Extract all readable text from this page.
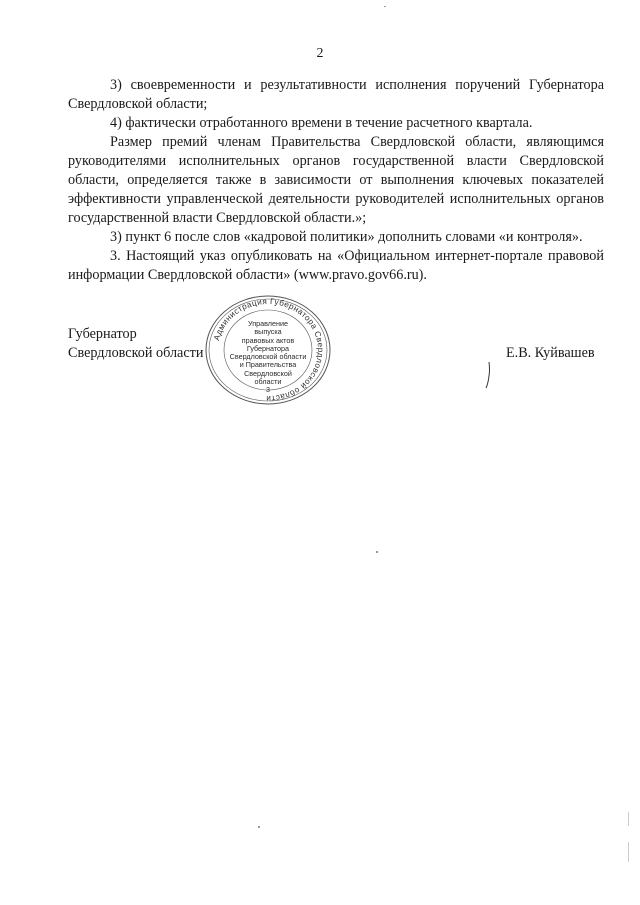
2

3) своевременности и результативности исполнения поручений Губернатора Свердловской области;

4) фактически отработанного времени в течение расчетного квартала.

Размер премий членам Правительства Свердловской области, являющимся руководителями исполнительных органов государственной власти Свердловской области, определяется также в зависимости от выполнения ключевых показателей эффективности управленческой деятельности руководителей исполнительных органов государственной власти Свердловской области.»;

3) пункт 6 после слов «кадровой политики» дополнить словами «и контроля».

3. Настоящий указ опубликовать на «Официальном интернет-портале правовой информации Свердловской области» (www.pravo.gov66.ru).

Губернатор
Свердловской области	Е.В. Куйвашев
Администрация Губернатора Свердловской области
Управление
выпуска
правовых актов
Губернатора
Свердловской области
и Правительства
Свердловской
области
3
